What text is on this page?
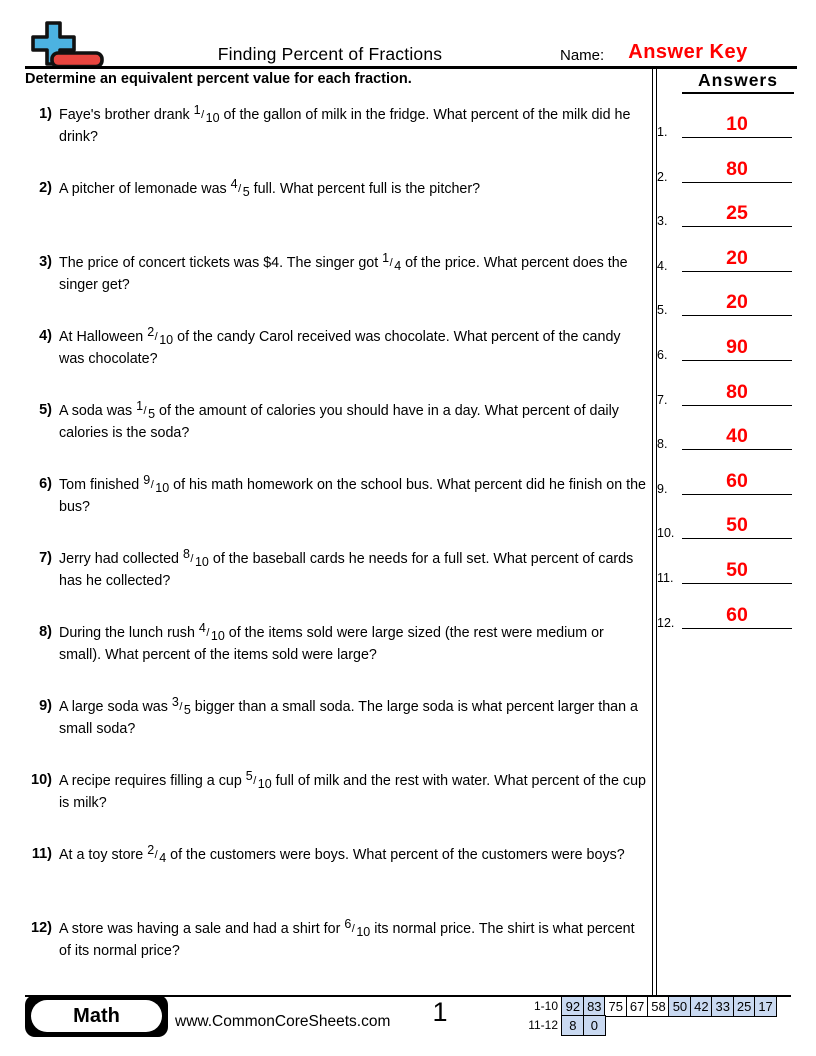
Finding Percent of Fractions	Name:	Answer Key
Determine an equivalent percent value for each fraction.
1) Faye's brother drank $^1$/ $_{10}$ of the gallon of milk in the fridge. What percent of the milk did he drink?
2) A pitcher of lemonade was $^4$/ $_5$ full. What percent full is the pitcher?
3) The price of concert tickets was $4. The singer got $^1$/ $_4$ of the price. What percent does the singer get?
4) At Halloween $^2$/ $_{10}$ of the candy Carol received was chocolate. What percent of the candy was chocolate?
5) A soda was $^1$/ $_5$ of the amount of calories you should have in a day. What percent of daily calories is the soda?
6) Tom finished $^9$/ $_{10}$ of his math homework on the school bus. What percent did he finish on the bus?
7) Jerry had collected $^8$/ $_{10}$ of the baseball cards he needs for a full set. What percent of cards has he collected?
8) During the lunch rush $^4$/ $_{10}$ of the items sold were large sized (the rest were medium or small). What percent of the items sold were large?
9) A large soda was $^3$/ $_5$ bigger than a small soda. The large soda is what percent larger than a small soda?
10) A recipe requires filling a cup $^5$/ $_{10}$ full of milk and the rest with water. What percent of the cup is milk?
11) At a toy store $^2$/ $_4$ of the customers were boys. What percent of the customers were boys?
12) A store was having a sale and had a shirt for $^6$/ $_{10}$ its normal price. The shirt is what percent of its normal price?
Answers
1.	10
2.	80
3.	25
4.	20
5.	20
6.	90
7.	80
8.	40
9.	60
10.	50
11.	50
12.	60
Math	www.CommonCoreSheets.com	1	1-10 92 83 75 67 58 50 42 33 25 17
11-12 8	0
